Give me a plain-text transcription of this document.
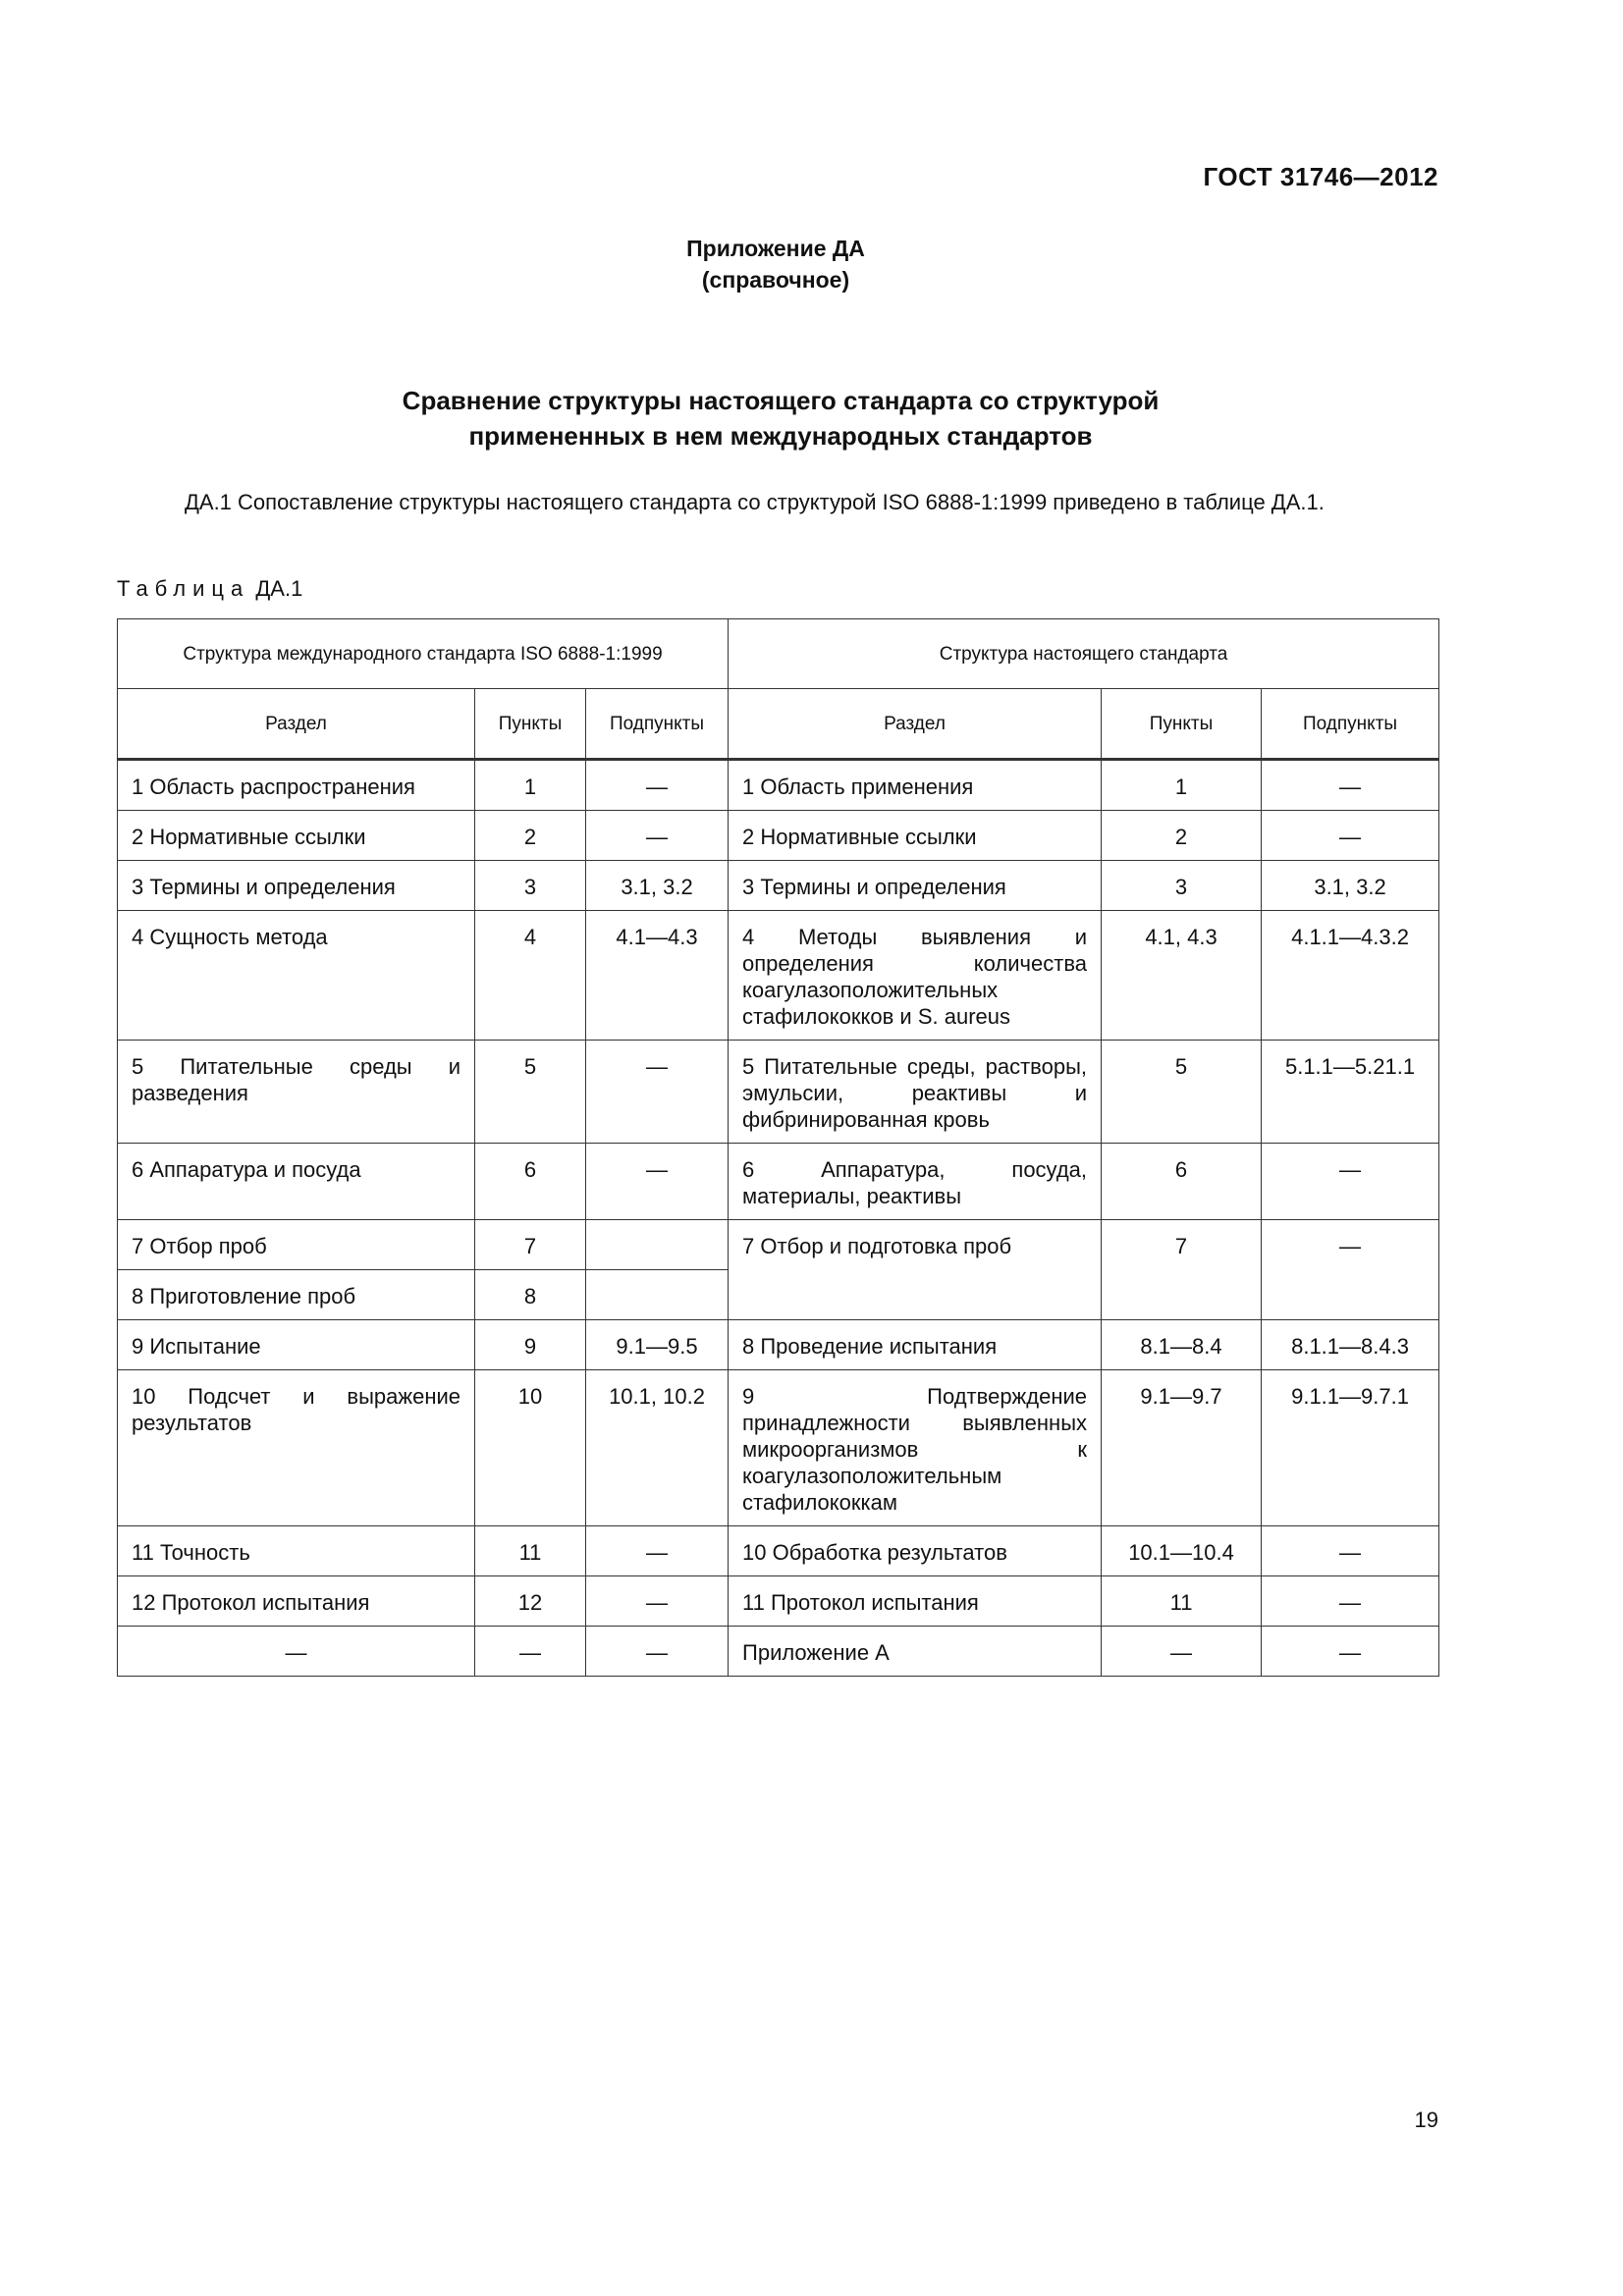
ГОСТ 31746—2012
Приложение ДА
(справочное)
Сравнение структуры настоящего стандарта со структурой
примененных в нем международных стандартов
ДА.1 Сопоставление структуры настоящего стандарта со структурой ISO 6888-1:1999 приведено в таблице ДА.1.
Таблица ДА.1
Структура международного стандарта ISO 6888-1:1999			Структура настоящего стандарта		
Раздел	Пункты	Подпункты	Раздел	Пункты	Подпункты
1 Область распространения	1	—	1 Область применения	1	—
2 Нормативные ссылки	2	—	2 Нормативные ссылки	2	—
3 Термины и определения	3	3.1, 3.2	3 Термины и определения	3	3.1, 3.2
4 Сущность метода	4	4.1—4.3	4 Методы выявления и определения количества коагулазоположительных стафилококков и S. aureus	4.1, 4.3	4.1.1—4.3.2
5 Питательные среды и разведения	5	—	5 Питательные среды, растворы, эмульсии, реактивы и фибринированная кровь	5	5.1.1—5.21.1
6 Аппаратура и посуда	6	—	6 Аппаратура, посуда, материалы, реактивы	6	—
7 Отбор проб	7		7 Отбор и подготовка проб	7	—
8 Приготовление проб	8				
9 Испытание	9	9.1—9.5	8 Проведение испытания	8.1—8.4	8.1.1—8.4.3
10 Подсчет и выражение результатов	10	10.1, 10.2	9 Подтверждение принадлежности выявленных микроорганизмов к коагулазоположительным стафилококкам	9.1—9.7	9.1.1—9.7.1
11 Точность	11	—	10 Обработка результатов	10.1—10.4	—
12 Протокол испытания	12	—	11 Протокол испытания	11	—
—	—	—	Приложение А	—	—
19
